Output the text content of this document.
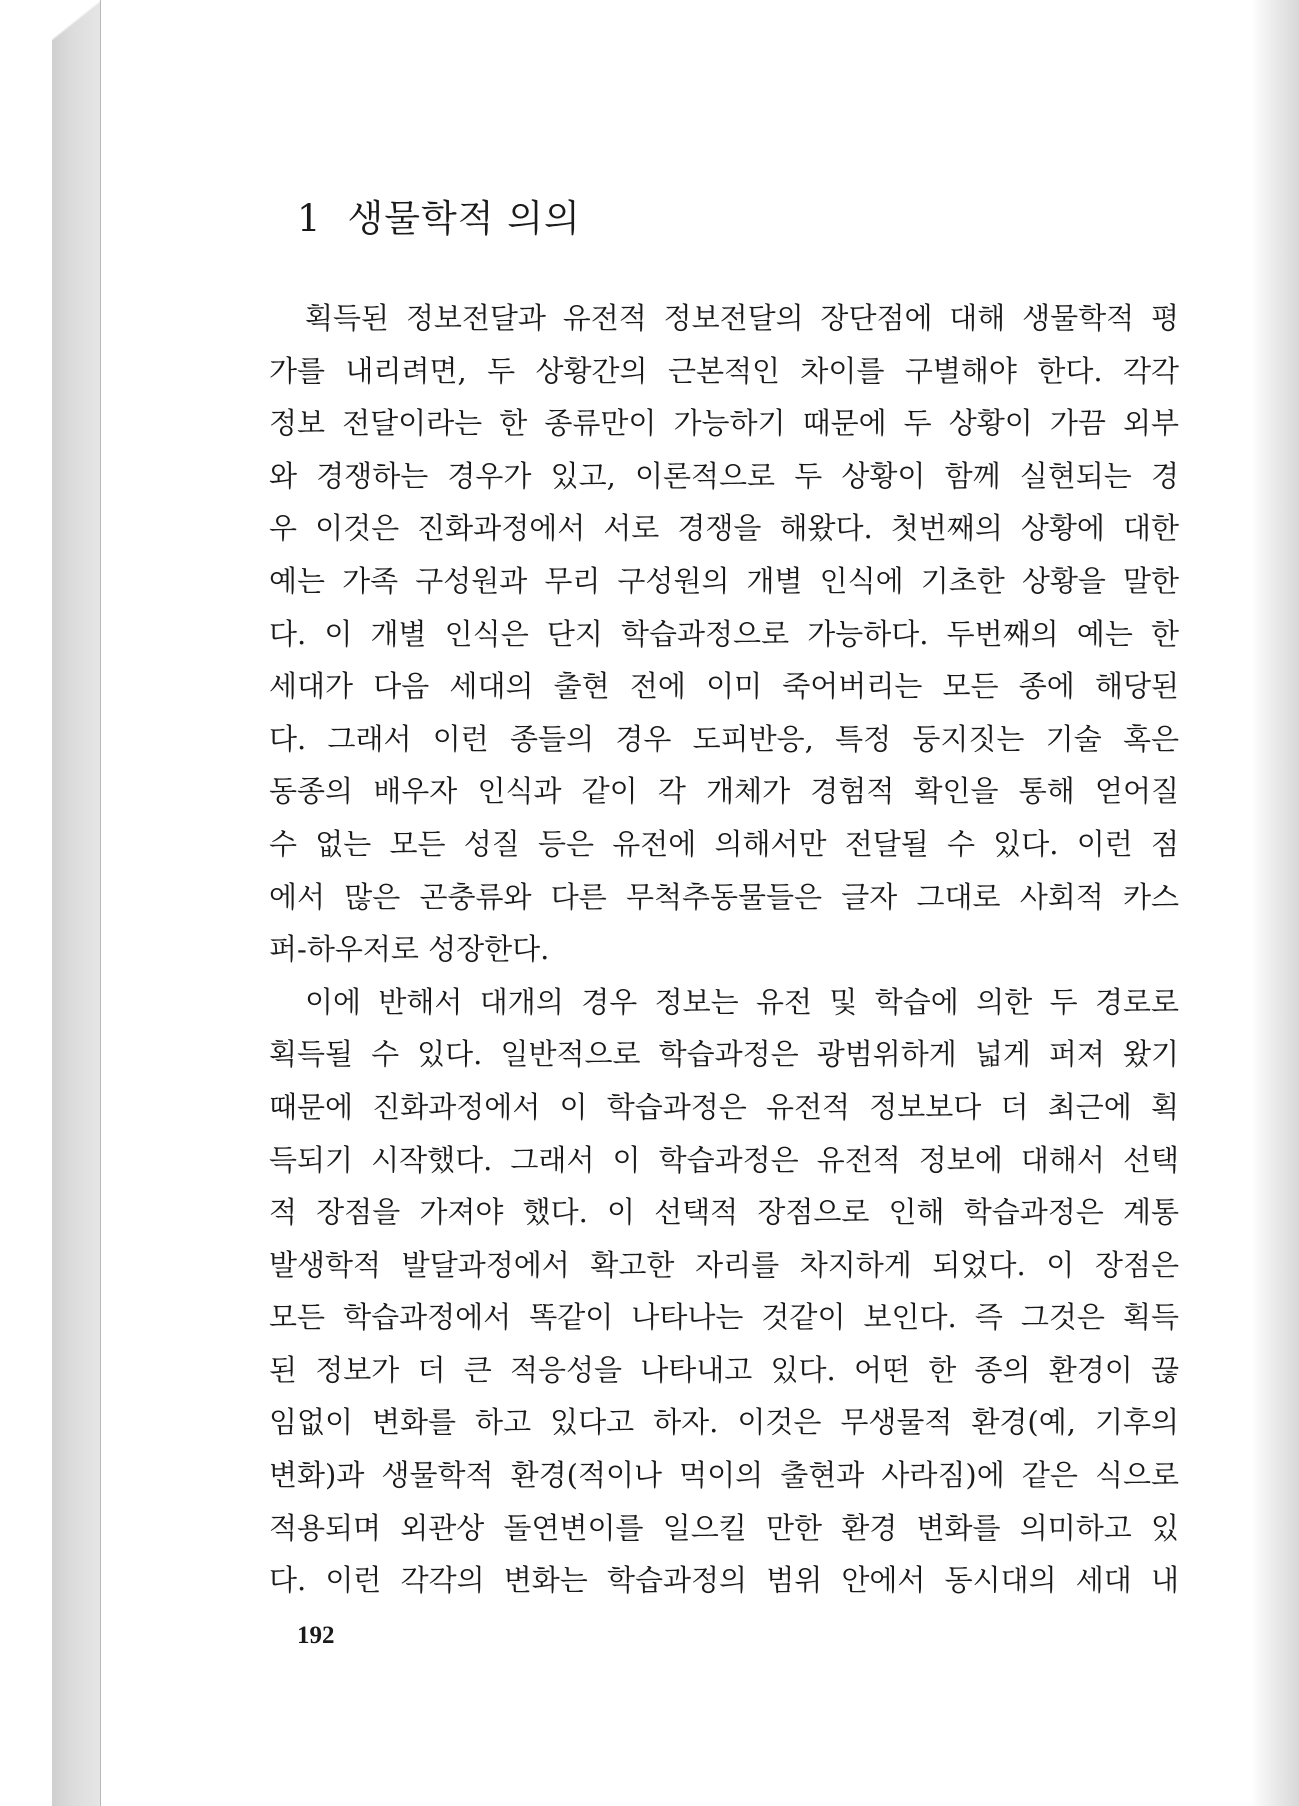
1 생물학적 의의
획득된 정보전달과 유전적 정보전달의 장단점에 대해 생물학적 평
가를 내리려면, 두 상황간의 근본적인 차이를 구별해야 한다. 각각
정보 전달이라는 한 종류만이 가능하기 때문에 두 상황이 가끔 외부
와 경쟁하는 경우가 있고, 이론적으로 두 상황이 함께 실현되는 경
우 이것은 진화과정에서 서로 경쟁을 해왔다. 첫번째의 상황에 대한
예는 가족 구성원과 무리 구성원의 개별 인식에 기초한 상황을 말한
다. 이 개별 인식은 단지 학습과정으로 가능하다. 두번째의 예는 한
세대가 다음 세대의 출현 전에 이미 죽어버리는 모든 종에 해당된
다. 그래서 이런 종들의 경우 도피반응, 특정 둥지짓는 기술 혹은
동종의 배우자 인식과 같이 각 개체가 경험적 확인을 통해 얻어질
수 없는 모든 성질 등은 유전에 의해서만 전달될 수 있다. 이런 점
에서 많은 곤충류와 다른 무척추동물들은 글자 그대로 사회적 카스
퍼-하우저로 성장한다.
이에 반해서 대개의 경우 정보는 유전 및 학습에 의한 두 경로로
획득될 수 있다. 일반적으로 학습과정은 광범위하게 넓게 퍼져 왔기
때문에 진화과정에서 이 학습과정은 유전적 정보보다 더 최근에 획
득되기 시작했다. 그래서 이 학습과정은 유전적 정보에 대해서 선택
적 장점을 가져야 했다. 이 선택적 장점으로 인해 학습과정은 계통
발생학적 발달과정에서 확고한 자리를 차지하게 되었다. 이 장점은
모든 학습과정에서 똑같이 나타나는 것같이 보인다. 즉 그것은 획득
된 정보가 더 큰 적응성을 나타내고 있다. 어떤 한 종의 환경이 끊
임없이 변화를 하고 있다고 하자. 이것은 무생물적 환경(예, 기후의
변화)과 생물학적 환경(적이나 먹이의 출현과 사라짐)에 같은 식으로
적용되며 외관상 돌연변이를 일으킬 만한 환경 변화를 의미하고 있
다. 이런 각각의 변화는 학습과정의 범위 안에서 동시대의 세대 내
192
